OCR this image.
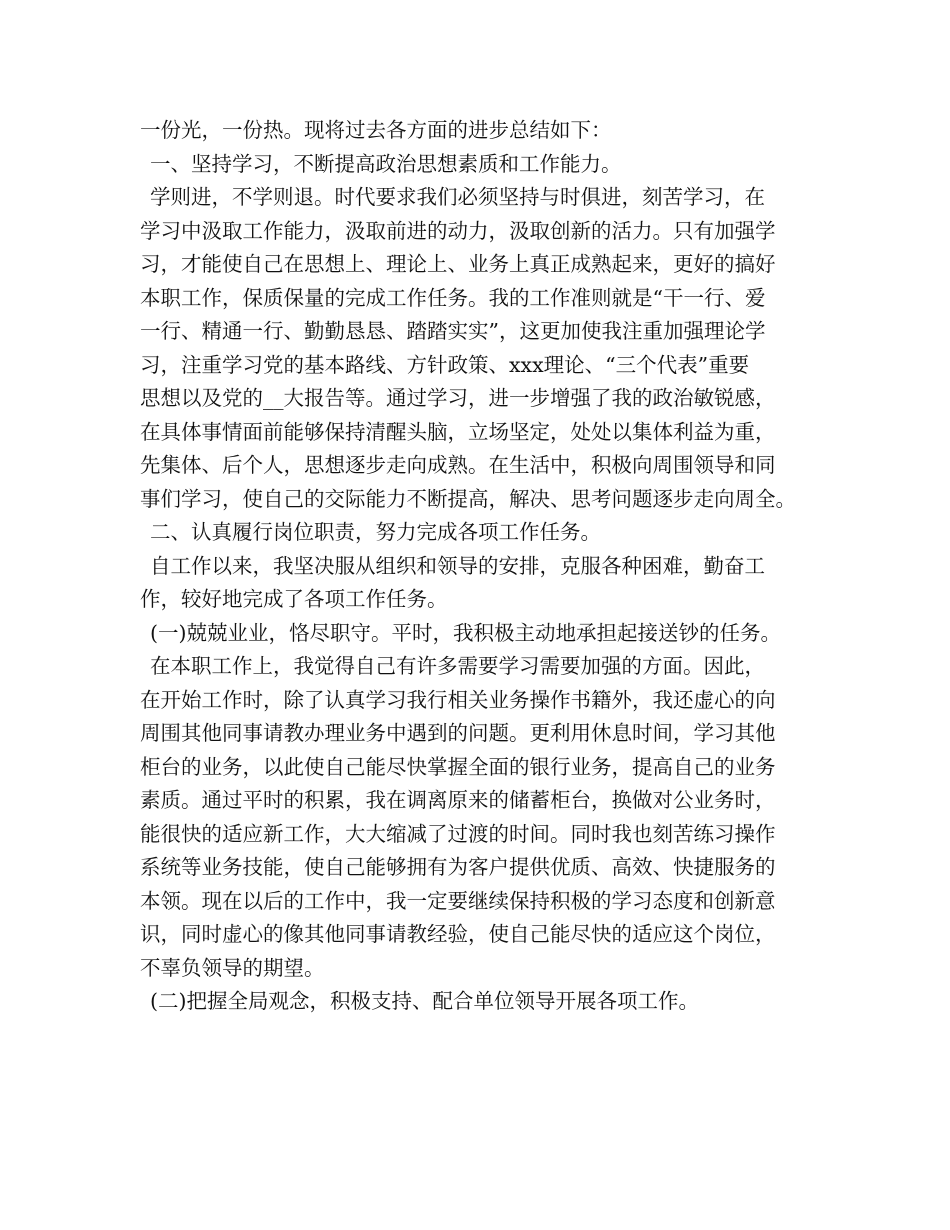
一份光，一份热。现将过去各方面的进步总结如下：
一、坚持学习，不断提高政治思想素质和工作能力。
学则进，不学则退。时代要求我们必须坚持与时俱进，刻苦学习，在
学习中汲取工作能力，汲取前进的动力，汲取创新的活力。只有加强学
习，才能使自己在思想上、理论上、业务上真正成熟起来，更好的搞好
本职工作，保质保量的完成工作任务。我的工作准则就是“干一行、爱
一行、精通一行、勤勤恳恳、踏踏实实”，这更加使我注重加强理论学
习，注重学习党的基本路线、方针政策、xxx理论、“三个代表”重要
思想以及党的__大报告等。通过学习，进一步增强了我的政治敏锐感，
在具体事情面前能够保持清醒头脑，立场坚定，处处以集体利益为重，
先集体、后个人，思想逐步走向成熟。在生活中，积极向周围领导和同
事们学习，使自己的交际能力不断提高，解决、思考问题逐步走向周全。
二、认真履行岗位职责，努力完成各项工作任务。
自工作以来，我坚决服从组织和领导的安排，克服各种困难，勤奋工
作，较好地完成了各项工作任务。
(一)兢兢业业，恪尽职守。平时，我积极主动地承担起接送钞的任务。
在本职工作上，我觉得自己有许多需要学习需要加强的方面。因此，
在开始工作时，除了认真学习我行相关业务操作书籍外，我还虚心的向
周围其他同事请教办理业务中遇到的问题。更利用休息时间，学习其他
柜台的业务，以此使自己能尽快掌握全面的银行业务，提高自己的业务
素质。通过平时的积累，我在调离原来的储蓄柜台，换做对公业务时，
能很快的适应新工作，大大缩减了过渡的时间。同时我也刻苦练习操作
系统等业务技能，使自己能够拥有为客户提供优质、高效、快捷服务的
本领。现在以后的工作中，我一定要继续保持积极的学习态度和创新意
识，同时虚心的像其他同事请教经验，使自己能尽快的适应这个岗位，
不辜负领导的期望。
(二)把握全局观念，积极支持、配合单位领导开展各项工作。
